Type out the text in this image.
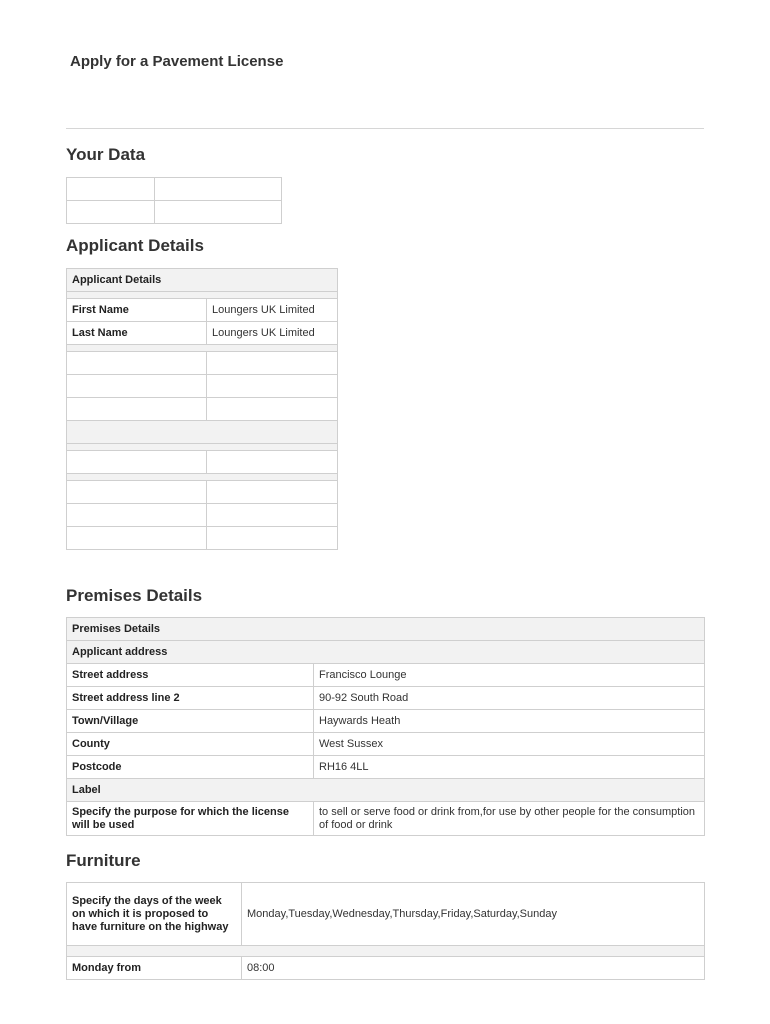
Apply for a Pavement License
Your Data

Applicant Details
Applicant Details	

First Name	Loungers UK Limited
Last Name	Loungers UK Limited

Premises Details
Premises Details	
Applicant address	
Street address	Francisco Lounge
Street address line 2	90-92 South Road
Town/Village	Haywards Heath
County	West Sussex
Postcode	RH16 4LL
Label	
Specify the purpose for which the license will be used	to sell or serve food or drink from,for use by other people for the consumption of food or drink
Furniture
Specify the days of the week on which it is proposed to have furniture on the highway	Monday,Tuesday,Wednesday,Thursday,Friday,Saturday,Sunday

Monday from	08:00
